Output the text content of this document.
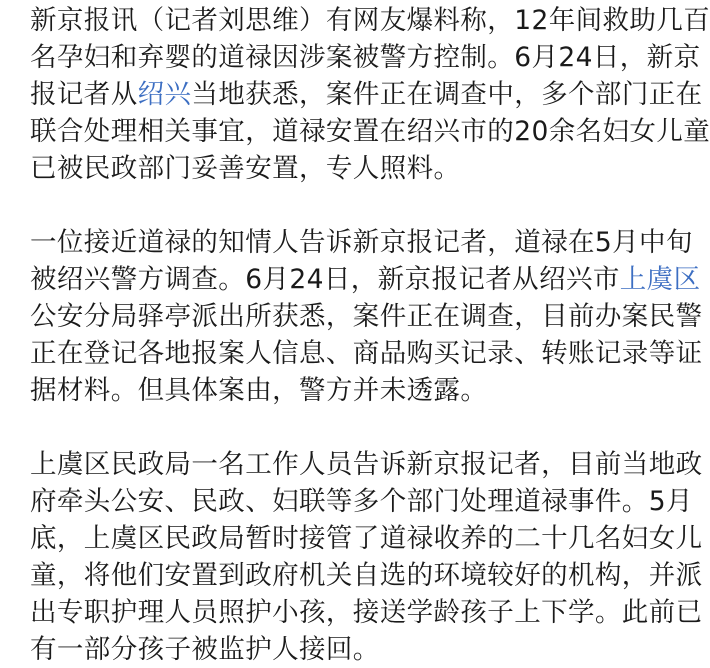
新京报讯（记者刘思维）有网友爆料称，12年间救助几百
名孕妇和弃婴的道禄因涉案被警方控制。6月24日，新京
报记者从绍兴当地获悉，案件正在调查中，多个部门正在
联合处理相关事宜，道禄安置在绍兴市的20余名妇女儿童
已被民政部门妥善安置，专人照料。

一位接近道禄的知情人告诉新京报记者，道禄在5月中旬
被绍兴警方调查。6月24日，新京报记者从绍兴市上虞区
公安分局驿亭派出所获悉，案件正在调查，目前办案民警
正在登记各地报案人信息、商品购买记录、转账记录等证
据材料。但具体案由，警方并未透露。

上虞区民政局一名工作人员告诉新京报记者，目前当地政
府牵头公安、民政、妇联等多个部门处理道禄事件。5月
底，上虞区民政局暂时接管了道禄收养的二十几名妇女儿
童，将他们安置到政府机关自选的环境较好的机构，并派
出专职护理人员照护小孩，接送学龄孩子上下学。此前已
有一部分孩子被监护人接回。
